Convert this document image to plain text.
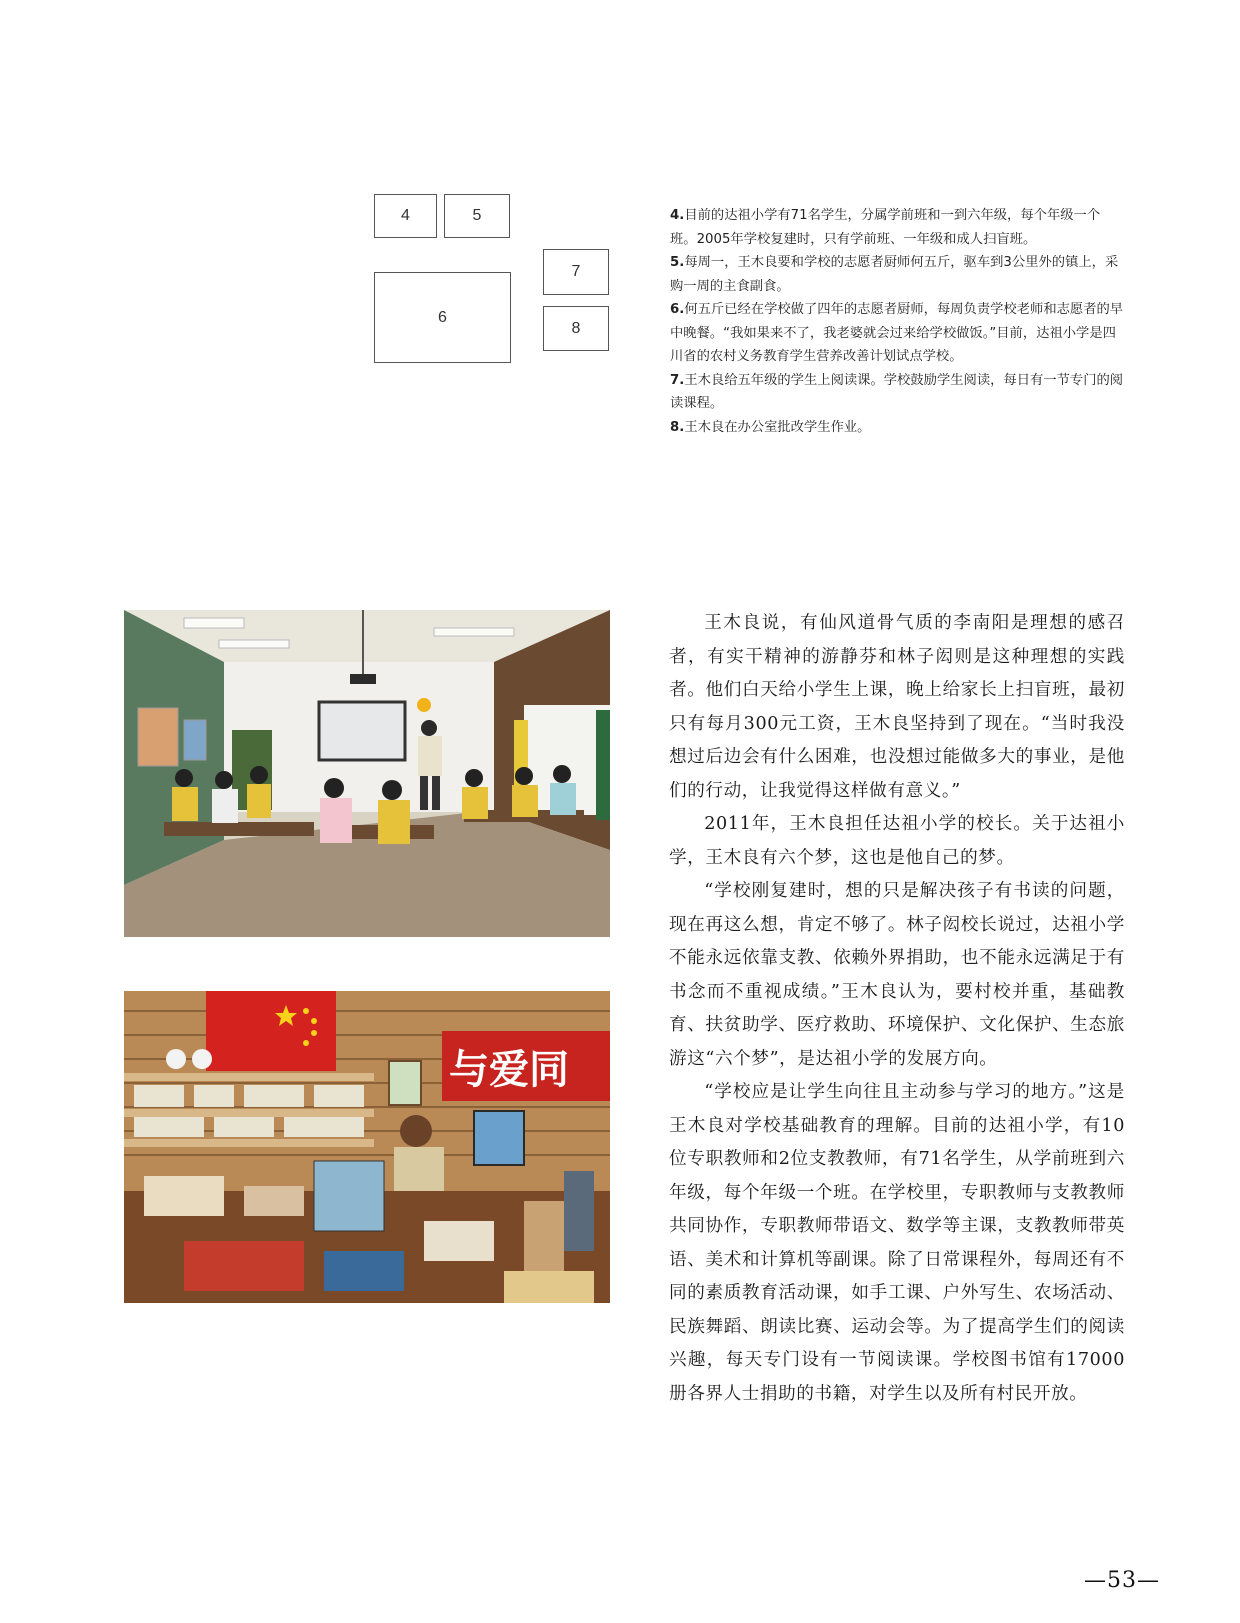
4	5
6
7
8

4.目前的达祖小学有71名学生，分属学前班和一到六年级，每个年级一个班。2005年学校复建时，只有学前班、一年级和成人扫盲班。

5.每周一，王木良要和学校的志愿者厨师何五斤，驱车到3公里外的镇上，采购一周的主食副食。

6.何五斤已经在学校做了四年的志愿者厨师，每周负责学校老师和志愿者的早中晚餐。“我如果来不了，我老婆就会过来给学校做饭。”目前，达祖小学是四川省的农村义务教育学生营养改善计划试点学校。

7.王木良给五年级的学生上阅读课。学校鼓励学生阅读，每日有一节专门的阅读课程。

8.王木良在办公室批改学生作业。

与爱同

王木良说，有仙风道骨气质的李南阳是理想的感召者，有实干精神的游静芬和林子闳则是这种理想的实践者。他们白天给小学生上课，晚上给家长上扫盲班，最初只有每月300元工资，王木良坚持到了现在。“当时我没想过后边会有什么困难，也没想过能做多大的事业，是他们的行动，让我觉得这样做有意义。”

2011年，王木良担任达祖小学的校长。关于达祖小学，王木良有六个梦，这也是他自己的梦。

“学校刚复建时，想的只是解决孩子有书读的问题，现在再这么想，肯定不够了。林子闳校长说过，达祖小学不能永远依靠支教、依赖外界捐助，也不能永远满足于有书念而不重视成绩。”王木良认为，要村校并重，基础教育、扶贫助学、医疗救助、环境保护、文化保护、生态旅游这“六个梦”，是达祖小学的发展方向。

“学校应是让学生向往且主动参与学习的地方。”这是王木良对学校基础教育的理解。目前的达祖小学，有10位专职教师和2位支教教师，有71名学生，从学前班到六年级，每个年级一个班。在学校里，专职教师与支教教师共同协作，专职教师带语文、数学等主课，支教教师带英语、美术和计算机等副课。除了日常课程外，每周还有不同的素质教育活动课，如手工课、户外写生、农场活动、民族舞蹈、朗读比赛、运动会等。为了提高学生们的阅读兴趣，每天专门设有一节阅读课。学校图书馆有17000册各界人士捐助的书籍，对学生以及所有村民开放。

—53—
